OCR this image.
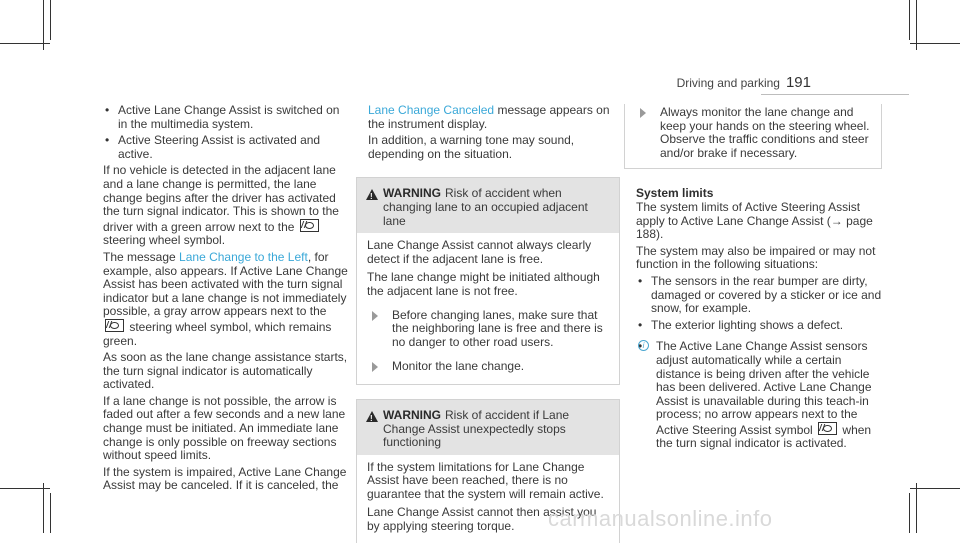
Driving and parking 191
• Active Lane Change Assist is switched on in the multimedia system.
• Active Steering Assist is activated and active.

If no vehicle is detected in the adjacent lane and a lane change is permitted, the lane change begins after the driver has activated the turn signal indicator. This is shown to the driver with a green arrow next to the  steering wheel symbol.

The message Lane Change to the Left, for example, also appears. If Active Lane Change Assist has been activated with the turn signal indicator but a lane change is not immediately possible, a gray arrow appears next to the  steering wheel symbol, which remains green.

As soon as the lane change assistance starts, the turn signal indicator is automatically activated.

If a lane change is not possible, the arrow is faded out after a few seconds and a new lane change must be initiated. An immediate lane change is only possible on freeway sections without speed limits.

If the system is impaired, Active Lane Change Assist may be canceled. If it is canceled, the

Lane Change Canceled message appears on the instrument display.

In addition, a warning tone may sound, depending on the situation.

!
WARNING Risk of accident when changing lane to an occupied adjacent lane

Lane Change Assist cannot always clearly detect if the adjacent lane is free.

The lane change might be initiated although the adjacent lane is not free.

Before changing lanes, make sure that the neighboring lane is free and there is no danger to other road users.
Monitor the lane change.
!
WARNING Risk of accident if Lane Change Assist unexpectedly stops functioning

If the system limitations for Lane Change Assist have been reached, there is no guarantee that the system will remain active.

Lane Change Assist cannot then assist you by applying steering torque.

Always monitor the lane change and keep your hands on the steering wheel. Observe the traffic conditions and steer and/or brake if necessary.
System limits

The system limits of Active Steering Assist apply to Active Lane Change Assist (→ page 188).

The system may also be impaired or may not function in the following situations:

• The sensors in the rear bumper are dirty, damaged or covered by a sticker or ice and snow, for example.
• The exterior lighting shows a defect.
• i The Active Lane Change Assist sensors adjust automatically while a certain distance is being driven after the vehicle has been delivered. Active Lane Change Assist is unavailable during this teach-in process; no arrow appears next to the Active Steering Assist symbol when the turn signal indicator is activated.
carmanualsonline.info
